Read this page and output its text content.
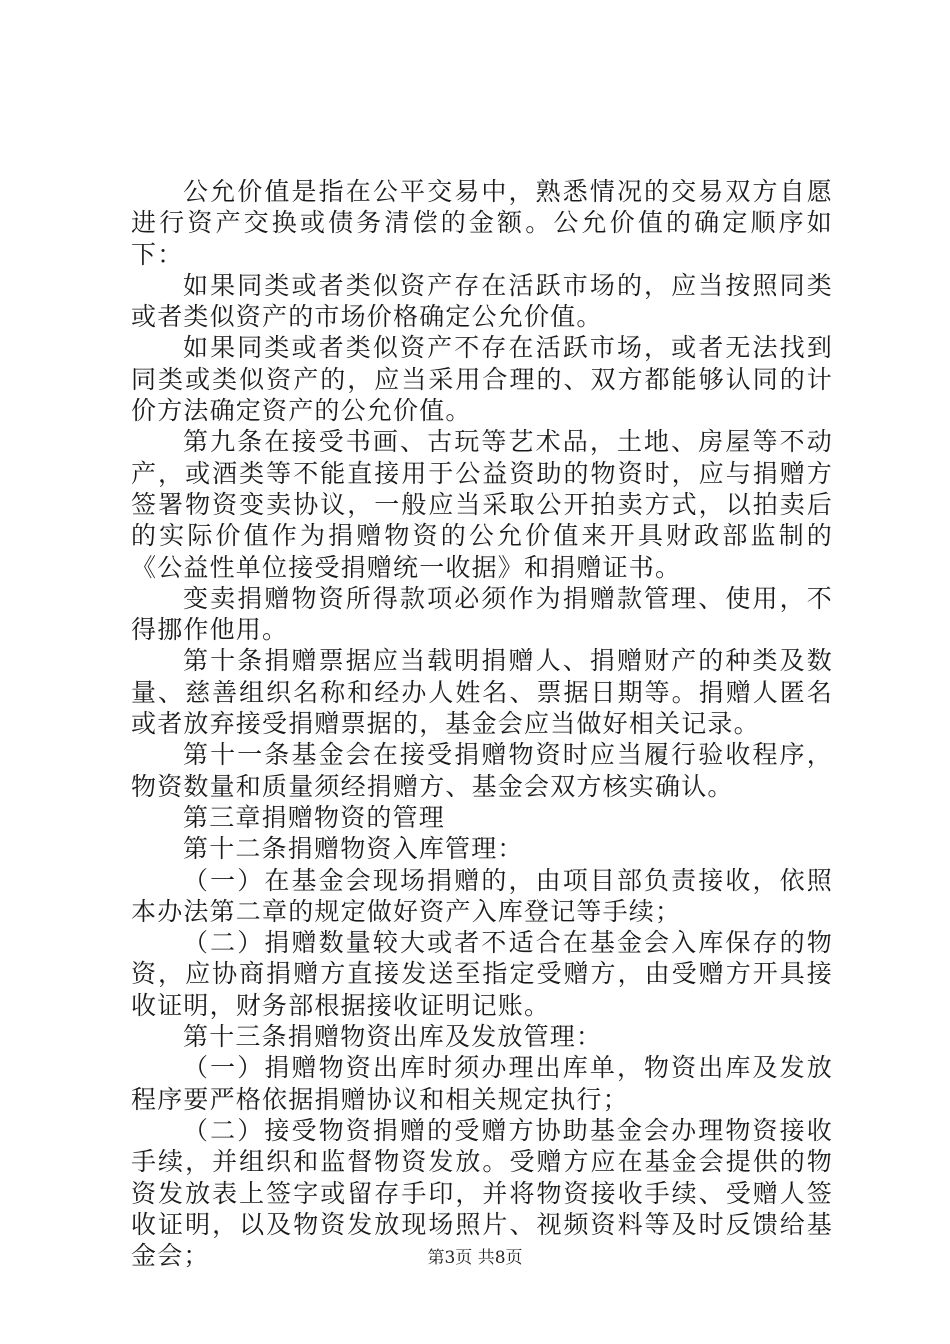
公允价值是指在公平交易中，熟悉情况的交易双方自愿进行资产交换或债务清偿的金额。公允价值的确定顺序如下：

如果同类或者类似资产存在活跃市场的，应当按照同类或者类似资产的市场价格确定公允价值。

如果同类或者类似资产不存在活跃市场，或者无法找到同类或类似资产的，应当采用合理的、双方都能够认同的计价方法确定资产的公允价值。

第九条在接受书画、古玩等艺术品，土地、房屋等不动产，或酒类等不能直接用于公益资助的物资时，应与捐赠方签署物资变卖协议，一般应当采取公开拍卖方式，以拍卖后的实际价值作为捐赠物资的公允价值来开具财政部监制的《公益性单位接受捐赠统一收据》和捐赠证书。

变卖捐赠物资所得款项必须作为捐赠款管理、使用，不得挪作他用。

第十条捐赠票据应当载明捐赠人、捐赠财产的种类及数量、慈善组织名称和经办人姓名、票据日期等。捐赠人匿名或者放弃接受捐赠票据的，基金会应当做好相关记录。

第十一条基金会在接受捐赠物资时应当履行验收程序，物资数量和质量须经捐赠方、基金会双方核实确认。

第三章捐赠物资的管理

第十二条捐赠物资入库管理：

（一）在基金会现场捐赠的，由项目部负责接收，依照本办法第二章的规定做好资产入库登记等手续；

（二）捐赠数量较大或者不适合在基金会入库保存的物资，应协商捐赠方直接发送至指定受赠方，由受赠方开具接收证明，财务部根据接收证明记账。

第十三条捐赠物资出库及发放管理：

（一）捐赠物资出库时须办理出库单，物资出库及发放程序要严格依据捐赠协议和相关规定执行；

（二）接受物资捐赠的受赠方协助基金会办理物资接收手续，并组织和监督物资发放。受赠方应在基金会提供的物资发放表上签字或留存手印，并将物资接收手续、受赠人签收证明，以及物资发放现场照片、视频资料等及时反馈给基金会；	第3页 共8页
